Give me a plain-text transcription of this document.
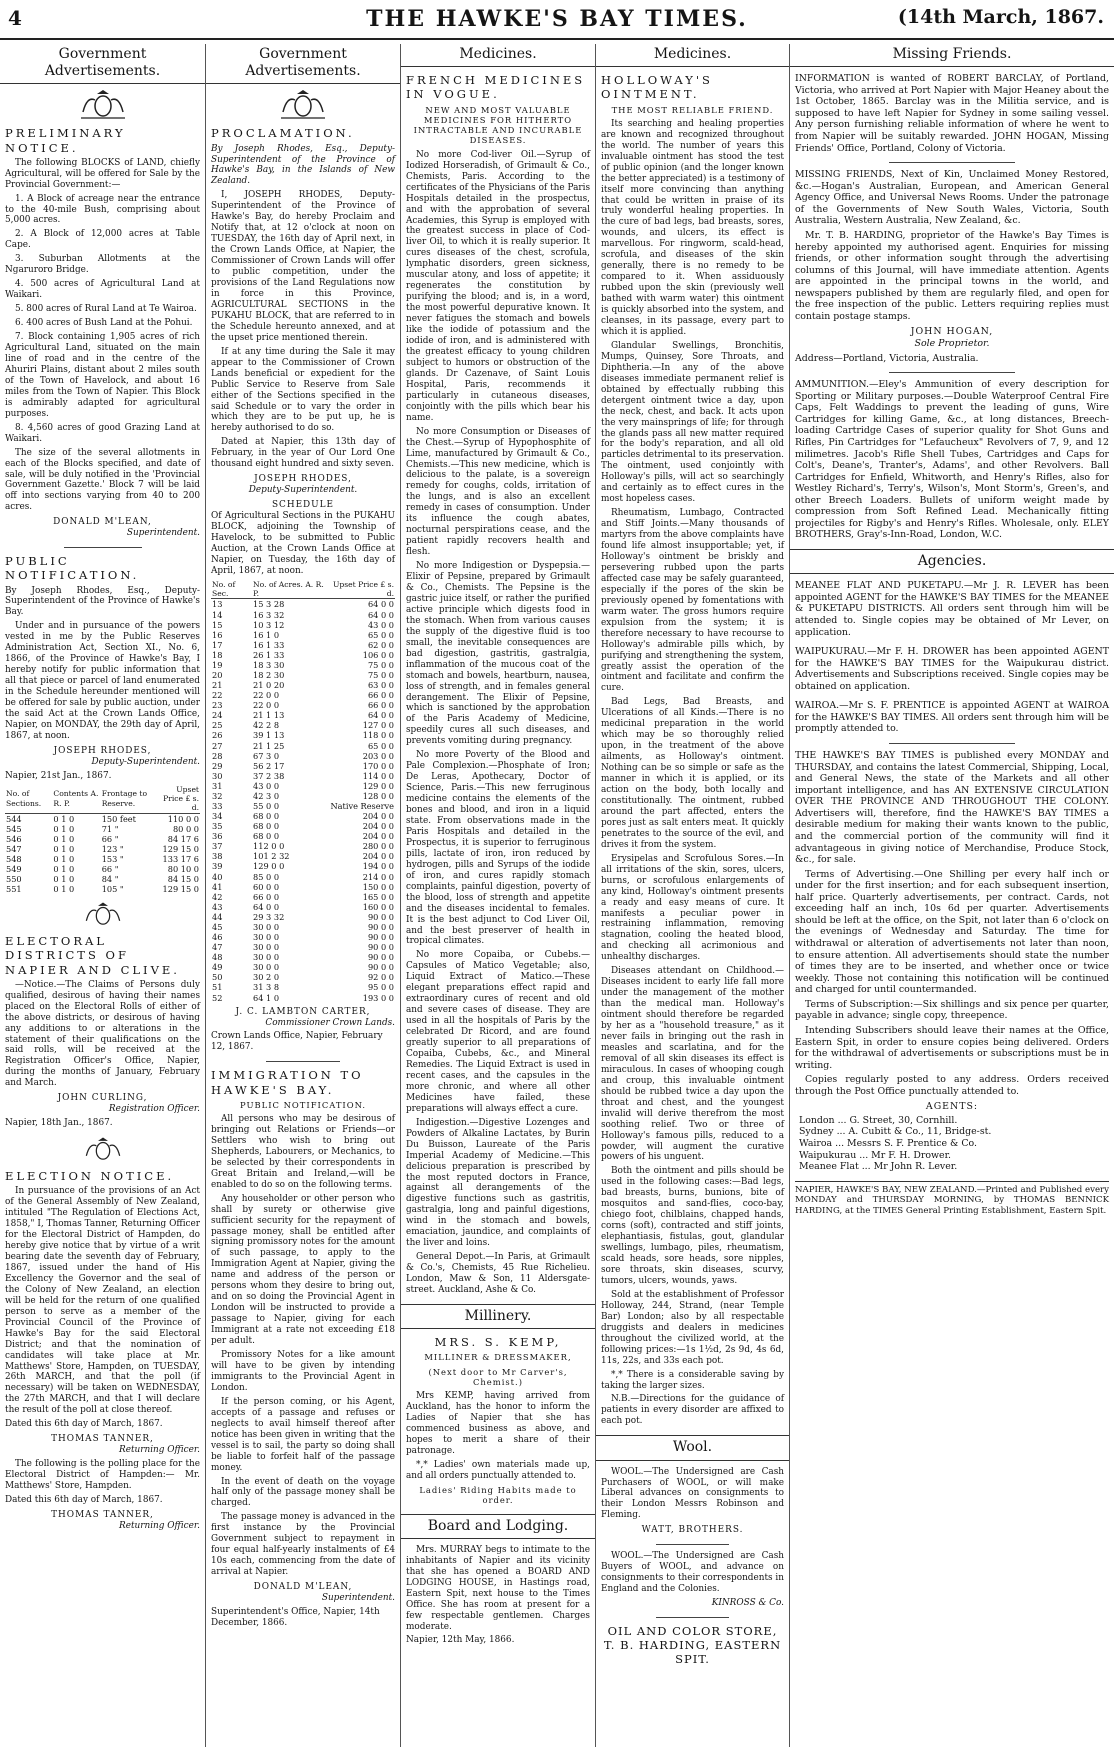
4	THE HAWKE'S BAY TIMES.	(14th March, 1867.
Government Advertisements.
PRELIMINARY NOTICE.
The following BLOCKS of LAND, chiefly Agricultural, will be offered for Sale by the Provincial Government:—
1. A Block of acreage near the entrance to the 40-mile Bush, comprising about 5,000 acres.
2. A Block of 12,000 acres at Table Cape.
3. Suburban Allotments at the Ngaruroro Bridge.
4. 500 acres of Agricultural Land at Waikari.
5. 800 acres of Rural Land at Te Wairoa.
6. 400 acres of Bush Land at the Pohui.
7. Block containing 1,905 acres of rich Agricultural Land, situated on the main line of road and in the centre of the Ahuriri Plains, distant about 2 miles south of the Town of Havelock, and about 16 miles from the Town of Napier. This Block is admirably adapted for agricultural purposes.
8. 4,560 acres of good Grazing Land at Waikari.
The size of the several allotments in each of the Blocks specified, and date of sale, will be duly notified in the 'Provincial Government Gazette.' Block 7 will be laid off into sections varying from 40 to 200 acres.
DONALD M'LEAN,
Superintendent.
PUBLIC NOTIFICATION.
By Joseph Rhodes, Esq., Deputy-Superintendent of the Province of Hawke's Bay.
Under and in pursuance of the powers vested in me by the Public Reserves Administration Act, Section XI., No. 6, 1866, of the Province of Hawke's Bay, I hereby notify for public information that all that piece or parcel of land enumerated in the Schedule hereunder mentioned will be offered for sale by public auction, under the said Act at the Crown Lands Office, Napier, on MONDAY, the 29th day of April, 1867, at noon.
JOSEPH RHODES,
Deputy-Superintendent.
Napier, 21st Jan., 1867.
No. of Sections.	Contents A. R. P.	Frontage to Reserve.	Upset Price £ s. d.
544	0 1 0	150 feet	110 0 0
545	0 1 0	71 "	80 0 0
546	0 1 0	66 "	84 17 6
547	0 1 0	123 "	129 15 0
548	0 1 0	153 "	133 17 6
549	0 1 0	66 "	80 10 0
550	0 1 0	84 "	84 15 0
551	0 1 0	105 "	129 15 0
ELECTORAL DISTRICTS OF NAPIER AND CLIVE.
—Notice.—The Claims of Persons duly qualified, desirous of having their names placed on the Electoral Rolls of either of the above districts, or desirous of having any additions to or alterations in the statement of their qualifications on the said rolls, will be received at the Registration Officer's Office, Napier, during the months of January, February and March.
JOHN CURLING,
Registration Officer.
Napier, 18th Jan., 1867.
ELECTION NOTICE.
In pursuance of the provisions of an Act of the General Assembly of New Zealand, intituled "The Regulation of Elections Act, 1858," I, Thomas Tanner, Returning Officer for the Electoral District of Hampden, do hereby give notice that by virtue of a writ bearing date the seventh day of February, 1867, issued under the hand of His Excellency the Governor and the seal of the Colony of New Zealand, an election will be held for the return of one qualified person to serve as a member of the Provincial Council of the Province of Hawke's Bay for the said Electoral District; and that the nomination of candidates will take place at Mr. Matthews' Store, Hampden, on TUESDAY, 26th MARCH, and that the poll (if necessary) will be taken on WEDNESDAY, the 27th MARCH, and that I will declare the result of the poll at close thereof.
Dated this 6th day of March, 1867.
THOMAS TANNER,
Returning Officer.
The following is the polling place for the Electoral District of Hampden:— Mr. Matthews' Store, Hampden.
Dated this 6th day of March, 1867.
THOMAS TANNER,
Returning Officer.
Government Advertisements.
PROCLAMATION.
By Joseph Rhodes, Esq., Deputy-Superintendent of the Province of Hawke's Bay, in the Islands of New Zealand.
I, JOSEPH RHODES, Deputy-Superintendent of the Province of Hawke's Bay, do hereby Proclaim and Notify that, at 12 o'clock at noon on TUESDAY, the 16th day of April next, in the Crown Lands Office, at Napier, the Commissioner of Crown Lands will offer to public competition, under the provisions of the Land Regulations now in force in this Province, AGRICULTURAL SECTIONS in the PUKAHU BLOCK, that are referred to in the Schedule hereunto annexed, and at the upset price mentioned therein.
If at any time during the Sale it may appear to the Commissioner of Crown Lands beneficial or expedient for the Public Service to Reserve from Sale either of the Sections specified in the said Schedule or to vary the order in which they are to be put up, he is hereby authorised to do so.
Dated at Napier, this 13th day of February, in the year of Our Lord One thousand eight hundred and sixty seven.
JOSEPH RHODES,
Deputy-Superintendent.
SCHEDULE
Of Agricultural Sections in the PUKAHU BLOCK, adjoining the Township of Havelock, to be submitted to Public Auction, at the Crown Lands Office at Napier, on Tuesday, the 16th day of April, 1867, at noon.
No. of Sec.	No. of Acres. A. R. P.	Upset Price £ s. d.
13	15 3 28	64 0 0
14	16 3 32	64 0 0
15	10 3 12	43 0 0
16	16 1 0	65 0 0
17	16 1 33	62 0 0
18	26 1 33	106 0 0
19	18 3 30	75 0 0
20	18 2 30	75 0 0
21	21 0 20	63 0 0
22	22 0 0	66 0 0
23	22 0 0	66 0 0
24	21 1 13	64 0 0
25	42 2 8	127 0 0
26	39 1 13	118 0 0
27	21 1 25	65 0 0
28	67 3 0	203 0 0
29	56 2 17	170 0 0
30	37 2 38	114 0 0
31	43 0 0	129 0 0
32	42 3 0	128 0 0
33	55 0 0	Native Reserve
34	68 0 0	204 0 0
35	68 0 0	204 0 0
36	68 0 0	204 0 0
37	112 0 0	280 0 0
38	101 2 32	204 0 0
39	129 0 0	194 0 0
40	85 0 0	214 0 0
41	60 0 0	150 0 0
42	66 0 0	165 0 0
43	64 0 0	160 0 0
44	29 3 32	90 0 0
45	30 0 0	90 0 0
46	30 0 0	90 0 0
47	30 0 0	90 0 0
48	30 0 0	90 0 0
49	30 0 0	90 0 0
50	30 2 0	92 0 0
51	31 3 8	95 0 0
52	64 1 0	193 0 0
J. C. LAMBTON CARTER,
Commissioner Crown Lands.
Crown Lands Office, Napier, February 12, 1867.
IMMIGRATION TO HAWKE'S BAY.
PUBLIC NOTIFICATION.
All persons who may be desirous of bringing out Relations or Friends—or Settlers who wish to bring out Shepherds, Labourers, or Mechanics, to be selected by their correspondents in Great Britain and Ireland,—will be enabled to do so on the following terms.
Any householder or other person who shall by surety or otherwise give sufficient security for the repayment of passage money, shall be entitled after signing promissory notes for the amount of such passage, to apply to the Immigration Agent at Napier, giving the name and address of the person or persons whom they desire to bring out, and on so doing the Provincial Agent in London will be instructed to provide a passage to Napier, giving for each Immigrant at a rate not exceeding £18 per adult.
Promissory Notes for a like amount will have to be given by intending immigrants to the Provincial Agent in London.
If the person coming, or his Agent, accepts of a passage and refuses or neglects to avail himself thereof after notice has been given in writing that the vessel is to sail, the party so doing shall be liable to forfeit half of the passage money.
In the event of death on the voyage half only of the passage money shall be charged.
The passage money is advanced in the first instance by the Provincial Government subject to repayment in four equal half-yearly instalments of £4 10s each, commencing from the date of arrival at Napier.
DONALD M'LEAN,
Superintendent.
Superintendent's Office, Napier, 14th December, 1866.
Medicines.
FRENCH MEDICINES IN VOGUE.
NEW AND MOST VALUABLE MEDICINES FOR HITHERTO INTRACTABLE AND INCURABLE DISEASES.
No more Cod-liver Oil.—Syrup of Iodized Horseradish, of Grimault & Co., Chemists, Paris. According to the certificates of the Physicians of the Paris Hospitals detailed in the prospectus, and with the approbation of several Academies, this Syrup is employed with the greatest success in place of Cod-liver Oil, to which it is really superior. It cures diseases of the chest, scrofula, lymphatic disorders, green sickness, muscular atony, and loss of appetite; it regenerates the constitution by purifying the blood; and is, in a word, the most powerful depurative known. It never fatigues the stomach and bowels like the iodide of potassium and the iodide of iron, and is administered with the greatest efficacy to young children subject to humors or obstruction of the glands. Dr Cazenave, of Saint Louis Hospital, Paris, recommends it particularly in cutaneous diseases, conjointly with the pills which bear his name.
No more Consumption or Diseases of the Chest.—Syrup of Hypophosphite of Lime, manufactured by Grimault & Co., Chemists.—This new medicine, which is delicious to the palate, is a sovereign remedy for coughs, colds, irritation of the lungs, and is also an excellent remedy in cases of consumption. Under its influence the cough abates, nocturnal perspirations cease, and the patient rapidly recovers health and flesh.
No more Indigestion or Dyspepsia.—Elixir of Pepsine, prepared by Grimault & Co., Chemists. The Pepsine is the gastric juice itself, or rather the purified active principle which digests food in the stomach. When from various causes the supply of the digestive fluid is too small, the inevitable consequences are bad digestion, gastritis, gastralgia, inflammation of the mucous coat of the stomach and bowels, heartburn, nausea, loss of strength, and in females general derangement. The Elixir of Pepsine, which is sanctioned by the approbation of the Paris Academy of Medicine, speedily cures all such diseases, and prevents vomiting during pregnancy.
No more Poverty of the Blood and Pale Complexion.—Phosphate of Iron; De Leras, Apothecary, Doctor of Science, Paris.—This new ferruginous medicine contains the elements of the bones and blood, and iron in a liquid state. From observations made in the Paris Hospitals and detailed in the Prospectus, it is superior to ferruginous pills, lactate of iron, iron reduced by hydrogen, pills and Syrups of the iodide of iron, and cures rapidly stomach complaints, painful digestion, poverty of the blood, loss of strength and appetite and the diseases incidental to females. It is the best adjunct to Cod Liver Oil, and the best preserver of health in tropical climates.
No more Copaiba, or Cubebs.—Capsules of Matico Vegetable; also, Liquid Extract of Matico.—These elegant preparations effect rapid and extraordinary cures of recent and old and severe cases of disease. They are used in all the hospitals of Paris by the celebrated Dr Ricord, and are found greatly superior to all preparations of Copaiba, Cubebs, &c., and Mineral Remedies. The Liquid Extract is used in recent cases, and the capsules in the more chronic, and where all other Medicines have failed, these preparations will always effect a cure.
Indigestion.—Digestive Lozenges and Powders of Alkaline Lactates, by Burin Du Buisson, Laureate of the Paris Imperial Academy of Medicine.—This delicious preparation is prescribed by the most reputed doctors in France, against all derangements of the digestive functions such as gastritis, gastralgia, long and painful digestions, wind in the stomach and bowels, emaciation, jaundice, and complaints of the liver and loins.
General Depot.—In Paris, at Grimault & Co.'s, Chemists, 45 Rue Richelieu. London, Maw & Son, 11 Aldersgate-street. Auckland, Ashe & Co.
Millinery.
MRS. S. KEMP,
MILLINER & DRESSMAKER,
(Next door to Mr Carver's, Chemist.)
Mrs KEMP, having arrived from Auckland, has the honor to inform the Ladies of Napier that she has commenced business as above, and hopes to merit a share of their patronage.
*,* Ladies' own materials made up, and all orders punctually attended to.
Ladies' Riding Habits made to order.
Board and Lodging.
Mrs. MURRAY begs to intimate to the inhabitants of Napier and its vicinity that she has opened a BOARD AND LODGING HOUSE, in Hastings road, Eastern Spit, next house to the Times Office. She has room at present for a few respectable gentlemen. Charges moderate.
Napier, 12th May, 1866.
Medicines.
HOLLOWAY'S OINTMENT.
THE MOST RELIABLE FRIEND.
Its searching and healing properties are known and recognized throughout the world. The number of years this invaluable ointment has stood the test of public opinion (and the longer known the better appreciated) is a testimony of itself more convincing than anything that could be written in praise of its truly wonderful healing properties. In the cure of bad legs, bad breasts, sores, wounds, and ulcers, its effect is marvellous. For ringworm, scald-head, scrofula, and diseases of the skin generally, there is no remedy to be compared to it. When assiduously rubbed upon the skin (previously well bathed with warm water) this ointment is quickly absorbed into the system, and cleanses, in its passage, every part to which it is applied.
Glandular Swellings, Bronchitis, Mumps, Quinsey, Sore Throats, and Diphtheria.—In any of the above diseases immediate permanent relief is obtained by effectually rubbing this detergent ointment twice a day, upon the neck, chest, and back. It acts upon the very mainsprings of life; for through the glands pass all new matter required for the body's reparation, and all old particles detrimental to its preservation. The ointment, used conjointly with Holloway's pills, will act so searchingly and certainly as to effect cures in the most hopeless cases.
Rheumatism, Lumbago, Contracted and Stiff Joints.—Many thousands of martyrs from the above complaints have found life almost insupportable; yet, if Holloway's ointment be briskly and persevering rubbed upon the parts affected case may be safely guaranteed, especially if the pores of the skin be previously opened by fomentations with warm water. The gross humors require expulsion from the system; it is therefore necessary to have recourse to Holloway's admirable pills which, by purifying and strengthening the system, greatly assist the operation of the ointment and facilitate and confirm the cure.
Bad Legs, Bad Breasts, and Ulcerations of all Kinds.—There is no medicinal preparation in the world which may be so thoroughly relied upon, in the treatment of the above ailments, as Holloway's ointment. Nothing can be so simple or safe as the manner in which it is applied, or its action on the body, both locally and constitutionally. The ointment, rubbed around the part affected, enters the pores just as salt enters meat. It quickly penetrates to the source of the evil, and drives it from the system.
Erysipelas and Scrofulous Sores.—In all irritations of the skin, sores, ulcers, burns, or scrofulous enlargements of any kind, Holloway's ointment presents a ready and easy means of cure. It manifests a peculiar power in restraining inflammation, removing stagnation, cooling the heated blood, and checking all acrimonious and unhealthy discharges.
Diseases attendant on Childhood.—Diseases incident to early life fall more under the management of the mother than the medical man. Holloway's ointment should therefore be regarded by her as a "household treasure," as it never fails in bringing out the rash in measles and scarlatina, and for the removal of all skin diseases its effect is miraculous. In cases of whooping cough and croup, this invaluable ointment should be rubbed twice a day upon the throat and chest, and the youngest invalid will derive therefrom the most soothing relief. Two or three of Holloway's famous pills, reduced to a powder, will augment the curative powers of his unguent.
Both the ointment and pills should be used in the following cases:—Bad legs, bad breasts, burns, bunions, bite of mosquitos and sand-flies, coco-bay, chiego foot, chilblains, chapped hands, corns (soft), contracted and stiff joints, elephantiasis, fistulas, gout, glandular swellings, lumbago, piles, rheumatism, scald heads, sore heads, sore nipples, sore throats, skin diseases, scurvy, tumors, ulcers, wounds, yaws.
Sold at the establishment of Professor Holloway, 244, Strand, (near Temple Bar) London; also by all respectable druggists and dealers in medicines throughout the civilized world, at the following prices:—1s 1½d, 2s 9d, 4s 6d, 11s, 22s, and 33s each pot.
*,* There is a considerable saving by taking the larger sizes.
N.B.—Directions for the guidance of patients in every disorder are affixed to each pot.
Wool.
WOOL.—The Undersigned are Cash Purchasers of WOOL, or will make Liberal advances on consignments to their London Messrs Robinson and Fleming.
WATT, BROTHERS.
WOOL.—The Undersigned are Cash Buyers of WOOL, and advance on consignments to their correspondents in England and the Colonies.
KINROSS & Co.
OIL AND COLOR STORE, T. B. HARDING, EASTERN SPIT.
Missing Friends.
INFORMATION is wanted of ROBERT BARCLAY, of Portland, Victoria, who arrived at Port Napier with Major Heaney about the 1st October, 1865. Barclay was in the Militia service, and is supposed to have left Napier for Sydney in some sailing vessel. Any person furnishing reliable information of where he went to from Napier will be suitably rewarded. JOHN HOGAN, Missing Friends' Office, Portland, Colony of Victoria.
MISSING FRIENDS, Next of Kin, Unclaimed Money Restored, &c.—Hogan's Australian, European, and American General Agency Office, and Universal News Rooms. Under the patronage of the Governments of New South Wales, Victoria, South Australia, Western Australia, New Zealand, &c.
Mr. T. B. HARDING, proprietor of the Hawke's Bay Times is hereby appointed my authorised agent. Enquiries for missing friends, or other information sought through the advertising columns of this Journal, will have immediate attention. Agents are appointed in the principal towns in the world, and newspapers published by them are regularly filed, and open for the free inspection of the public. Letters requiring replies must contain postage stamps.
JOHN HOGAN,
Sole Proprietor.
Address—Portland, Victoria, Australia.
AMMUNITION.—Eley's Ammunition of every description for Sporting or Military purposes.—Double Waterproof Central Fire Caps, Felt Waddings to prevent the leading of guns, Wire Cartridges for killing Game, &c., at long distances, Breech-loading Cartridge Cases of superior quality for Shot Guns and Rifles, Pin Cartridges for "Lefaucheux" Revolvers of 7, 9, and 12 milimetres. Jacob's Rifle Shell Tubes, Cartridges and Caps for Colt's, Deane's, Tranter's, Adams', and other Revolvers. Ball Cartridges for Enfield, Whitworth, and Henry's Rifles, also for Westley Richard's, Terry's, Wilson's, Mont Storm's, Green's, and other Breech Loaders. Bullets of uniform weight made by compression from Soft Refined Lead. Mechanically fitting projectiles for Rigby's and Henry's Rifles. Wholesale, only. ELEY BROTHERS, Gray's-Inn-Road, London, W.C.
Agencies.
MEANEE FLAT AND PUKETAPU.—Mr J. R. LEVER has been appointed AGENT for the HAWKE'S BAY TIMES for the MEANEE & PUKETAPU DISTRICTS. All orders sent through him will be attended to. Single copies may be obtained of Mr Lever, on application.
WAIPUKURAU.—Mr F. H. DROWER has been appointed AGENT for the HAWKE'S BAY TIMES for the Waipukurau district. Advertisements and Subscriptions received. Single copies may be obtained on application.
WAIROA.—Mr S. F. PRENTICE is appointed AGENT at WAIROA for the HAWKE'S BAY TIMES. All orders sent through him will be promptly attended to.
THE HAWKE'S BAY TIMES is published every MONDAY and THURSDAY, and contains the latest Commercial, Shipping, Local, and General News, the state of the Markets and all other important intelligence, and has AN EXTENSIVE CIRCULATION OVER THE PROVINCE AND THROUGHOUT THE COLONY. Advertisers will, therefore, find the HAWKE'S BAY TIMES a desirable medium for making their wants known to the public, and the commercial portion of the community will find it advantageous in giving notice of Merchandise, Produce Stock, &c., for sale.
Terms of Advertising.—One Shilling per every half inch or under for the first insertion; and for each subsequent insertion, half price. Quarterly advertisements, per contract. Cards, not exceeding half an inch, 10s 6d per quarter. Advertisements should be left at the office, on the Spit, not later than 6 o'clock on the evenings of Wednesday and Saturday. The time for withdrawal or alteration of advertisements not later than noon, to ensure attention. All advertisements should state the number of times they are to be inserted, and whether once or twice weekly. Those not containing this notification will be continued and charged for until countermanded.
Terms of Subscription:—Six shillings and six pence per quarter, payable in advance; single copy, threepence.
Intending Subscribers should leave their names at the Office, Eastern Spit, in order to ensure copies being delivered. Orders for the withdrawal of advertisements or subscriptions must be in writing.
Copies regularly posted to any address. Orders received through the Post Office punctually attended to.
AGENTS:
London ... G. Street, 30, Cornhill.
Sydney ... A. Cubitt & Co., 11, Bridge-st.
Wairoa ... Messrs S. F. Prentice & Co.
Waipukurau ... Mr F. H. Drower.
Meanee Flat ... Mr John R. Lever.
NAPIER, HAWKE'S BAY, NEW ZEALAND.—Printed and Published every MONDAY and THURSDAY MORNING, by THOMAS BENNICK HARDING, at the TIMES General Printing Establishment, Eastern Spit.
